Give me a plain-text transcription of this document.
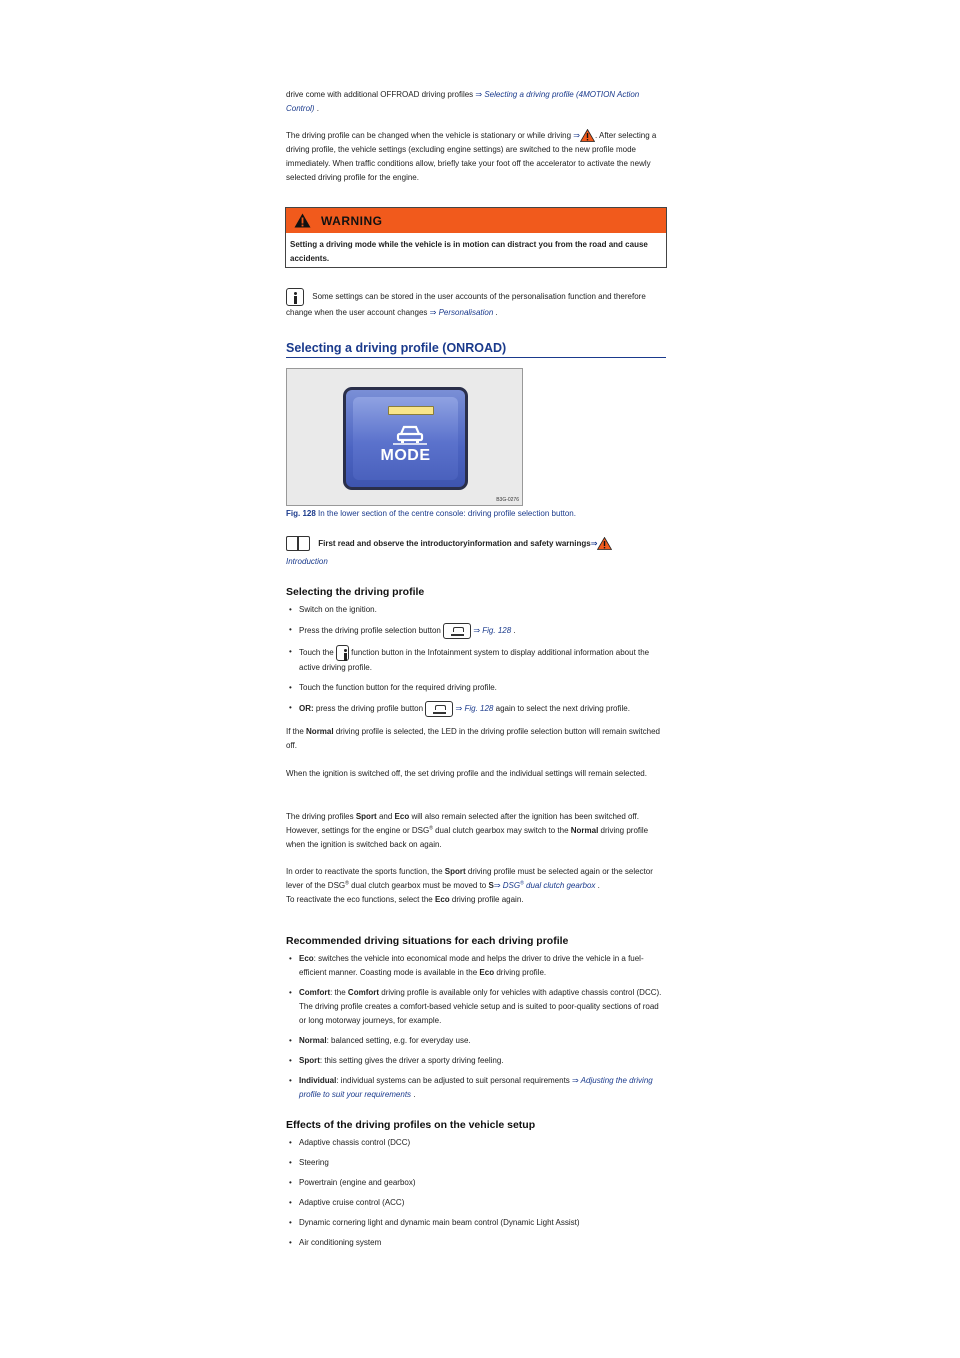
drive come with additional OFFROAD driving profiles ⇒ Selecting a driving profile (4MOTION Action Control) .

The driving profile can be changed when the vehicle is stationary or while driving ⇒ . After selecting a driving profile, the vehicle settings (excluding engine settings) are switched to the new profile mode immediately. When traffic conditions allow, briefly take your foot off the accelerator to activate the newly selected driving profile for the engine.

WARNING
Setting a driving mode while the vehicle is in motion can distract you from the road and cause accidents.
Some settings can be stored in the user accounts of the personalisation function and therefore change when the user account changes ⇒ Personalisation .
Selecting a driving profile (ONROAD)
MODE
B3G-0276
Fig. 128 In the lower section of the centre console: driving profile selection button.
First read and observe the introductoryinformation and safety warnings⇒
Introduction
Selecting the driving profile
• Switch on the ignition.
• Press the driving profile selection button	⇒ Fig. 128 .
• Touch the function button in the Infotainment system to display additional information about the active driving profile.
• Touch the function button for the required driving profile.
• OR: press the driving profile button	⇒ Fig. 128 again to select the next driving profile.

If the Normal driving profile is selected, the LED in the driving profile selection button will remain switched off.

When the ignition is switched off, the set driving profile and the individual settings will remain selected.

The driving profiles Sport and Eco will also remain selected after the ignition has been switched off. However, settings for the engine or DSG® dual clutch gearbox may switch to the Normal driving profile when the ignition is switched back on again.

In order to reactivate the sports function, the Sport driving profile must be selected again or the selector lever of the DSG® dual clutch gearbox must be moved to S⇒ DSG® dual clutch gearbox .
To reactivate the eco functions, select the Eco driving profile again.

Recommended driving situations for each driving profile
• Eco: switches the vehicle into economical mode and helps the driver to drive the vehicle in a fuel-efficient manner. Coasting mode is available in the Eco driving profile.
• Comfort: the Comfort driving profile is available only for vehicles with adaptive chassis control (DCC). The driving profile creates a comfort-based vehicle setup and is suited to poor-quality sections of road or long motorway journeys, for example.
• Normal: balanced setting, e.g. for everyday use.
• Sport: this setting gives the driver a sporty driving feeling.
• Individual: individual systems can be adjusted to suit personal requirements ⇒ Adjusting the driving profile to suit your requirements .
Effects of the driving profiles on the vehicle setup
• Adaptive chassis control (DCC)
• Steering
• Powertrain (engine and gearbox)
• Adaptive cruise control (ACC)
• Dynamic cornering light and dynamic main beam control (Dynamic Light Assist)
• Air conditioning system
